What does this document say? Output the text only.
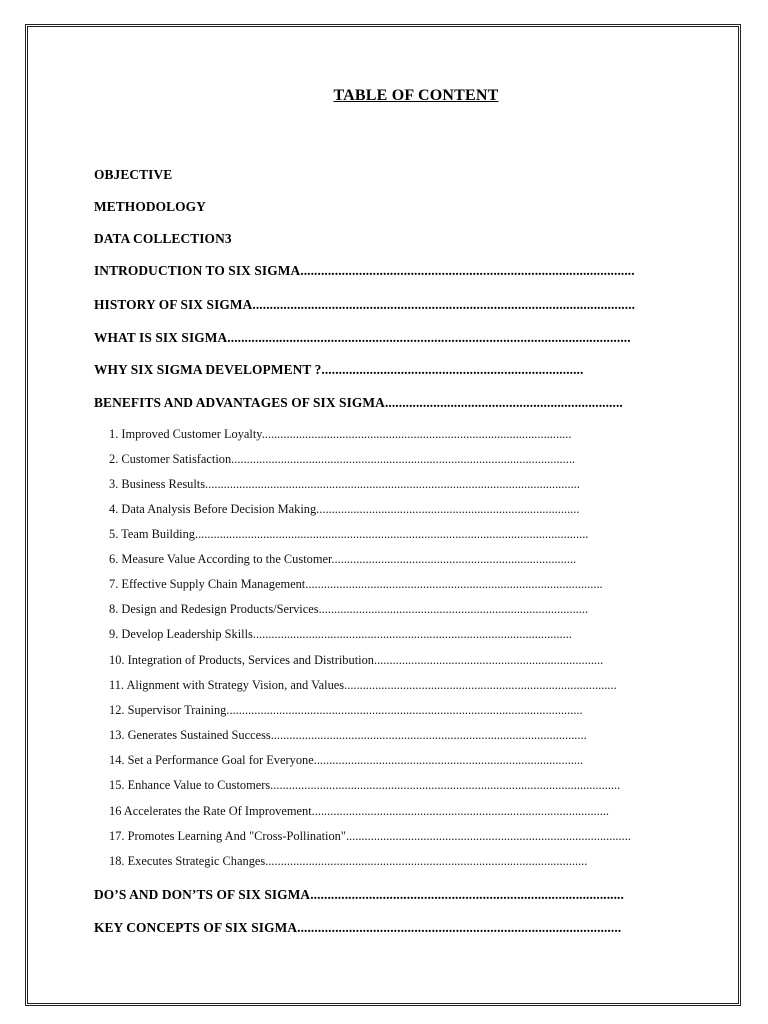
TABLE OF CONTENT
OBJECTIVE
METHODOLOGY
DATA COLLECTION3
INTRODUCTION TO SIX SIGMA.................................................................................................
HISTORY OF SIX SIGMA...............................................................................................................
WHAT IS SIX SIGMA.....................................................................................................................
WHY SIX SIGMA DEVELOPMENT ?............................................................................
BENEFITS AND ADVANTAGES OF SIX SIGMA.....................................................................
1. Improved Customer Loyalty....................................................................................................
2. Customer Satisfaction...............................................................................................................
3. Business Results.........................................................................................................................
4. Data Analysis Before Decision Making.....................................................................................
5. Team Building...............................................................................................................................
6. Measure Value According to the Customer...............................................................................
7. Effective Supply Chain Management................................................................................................
8. Design and Redesign Products/Services.......................................................................................
9. Develop Leadership Skills.......................................................................................................
10. Integration of Products, Services and Distribution..........................................................................
11. Alignment with Strategy Vision, and Values........................................................................................
12. Supervisor Training...................................................................................................................
13. Generates Sustained Success......................................................................................................
14. Set a Performance Goal for Everyone.......................................................................................
15. Enhance Value to Customers.................................................................................................................
16 Accelerates the Rate Of Improvement................................................................................................
17. Promotes Learning And "Cross-Pollination"............................................................................................
18. Executes Strategic Changes........................................................................................................
DO’S AND DON’TS OF SIX SIGMA...........................................................................................
KEY CONCEPTS OF SIX SIGMA..............................................................................................
